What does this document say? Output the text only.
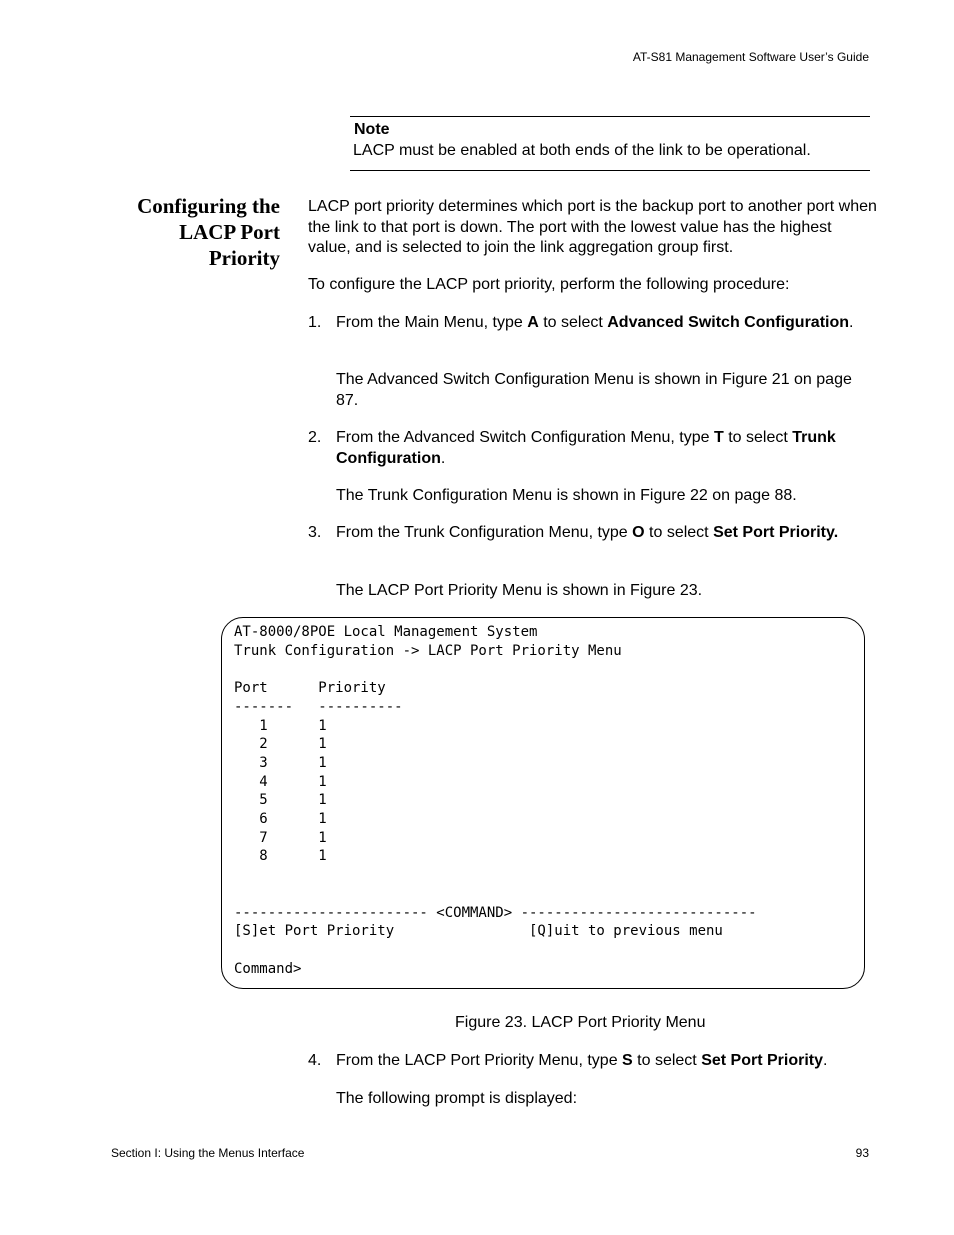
AT-S81 Management Software User’s Guide
Note
LACP must be enabled at both ends of the link to be operational.
Configuring the
LACP Port
Priority
LACP port priority determines which port is the backup port to another port when the link to that port is down. The port with the lowest value has the highest value, and is selected to join the link aggregation group first.
To configure the LACP port priority, perform the following procedure:
1. From the Main Menu, type A to select Advanced Switch Configuration.
The Advanced Switch Configuration Menu is shown in Figure 21 on page 87.
2. From the Advanced Switch Configuration Menu, type T to select Trunk Configuration.
The Trunk Configuration Menu is shown in Figure 22 on page 88.
3. From the Trunk Configuration Menu, type O to select Set Port Priority.
The LACP Port Priority Menu is shown in Figure 23.
AT-8000/8POE Local Management System
Trunk Configuration -> LACP Port Priority Menu

Port      Priority
-------   ----------
1      1
2      1
3      1
4      1
5      1
6      1
7      1
8      1

----------------------- <COMMAND> ----------------------------
[S]et Port Priority                [Q]uit to previous menu

Command>
Figure 23. LACP Port Priority Menu
4. From the LACP Port Priority Menu, type S to select Set Port Priority.
The following prompt is displayed:
Section I: Using the Menus Interface	93
